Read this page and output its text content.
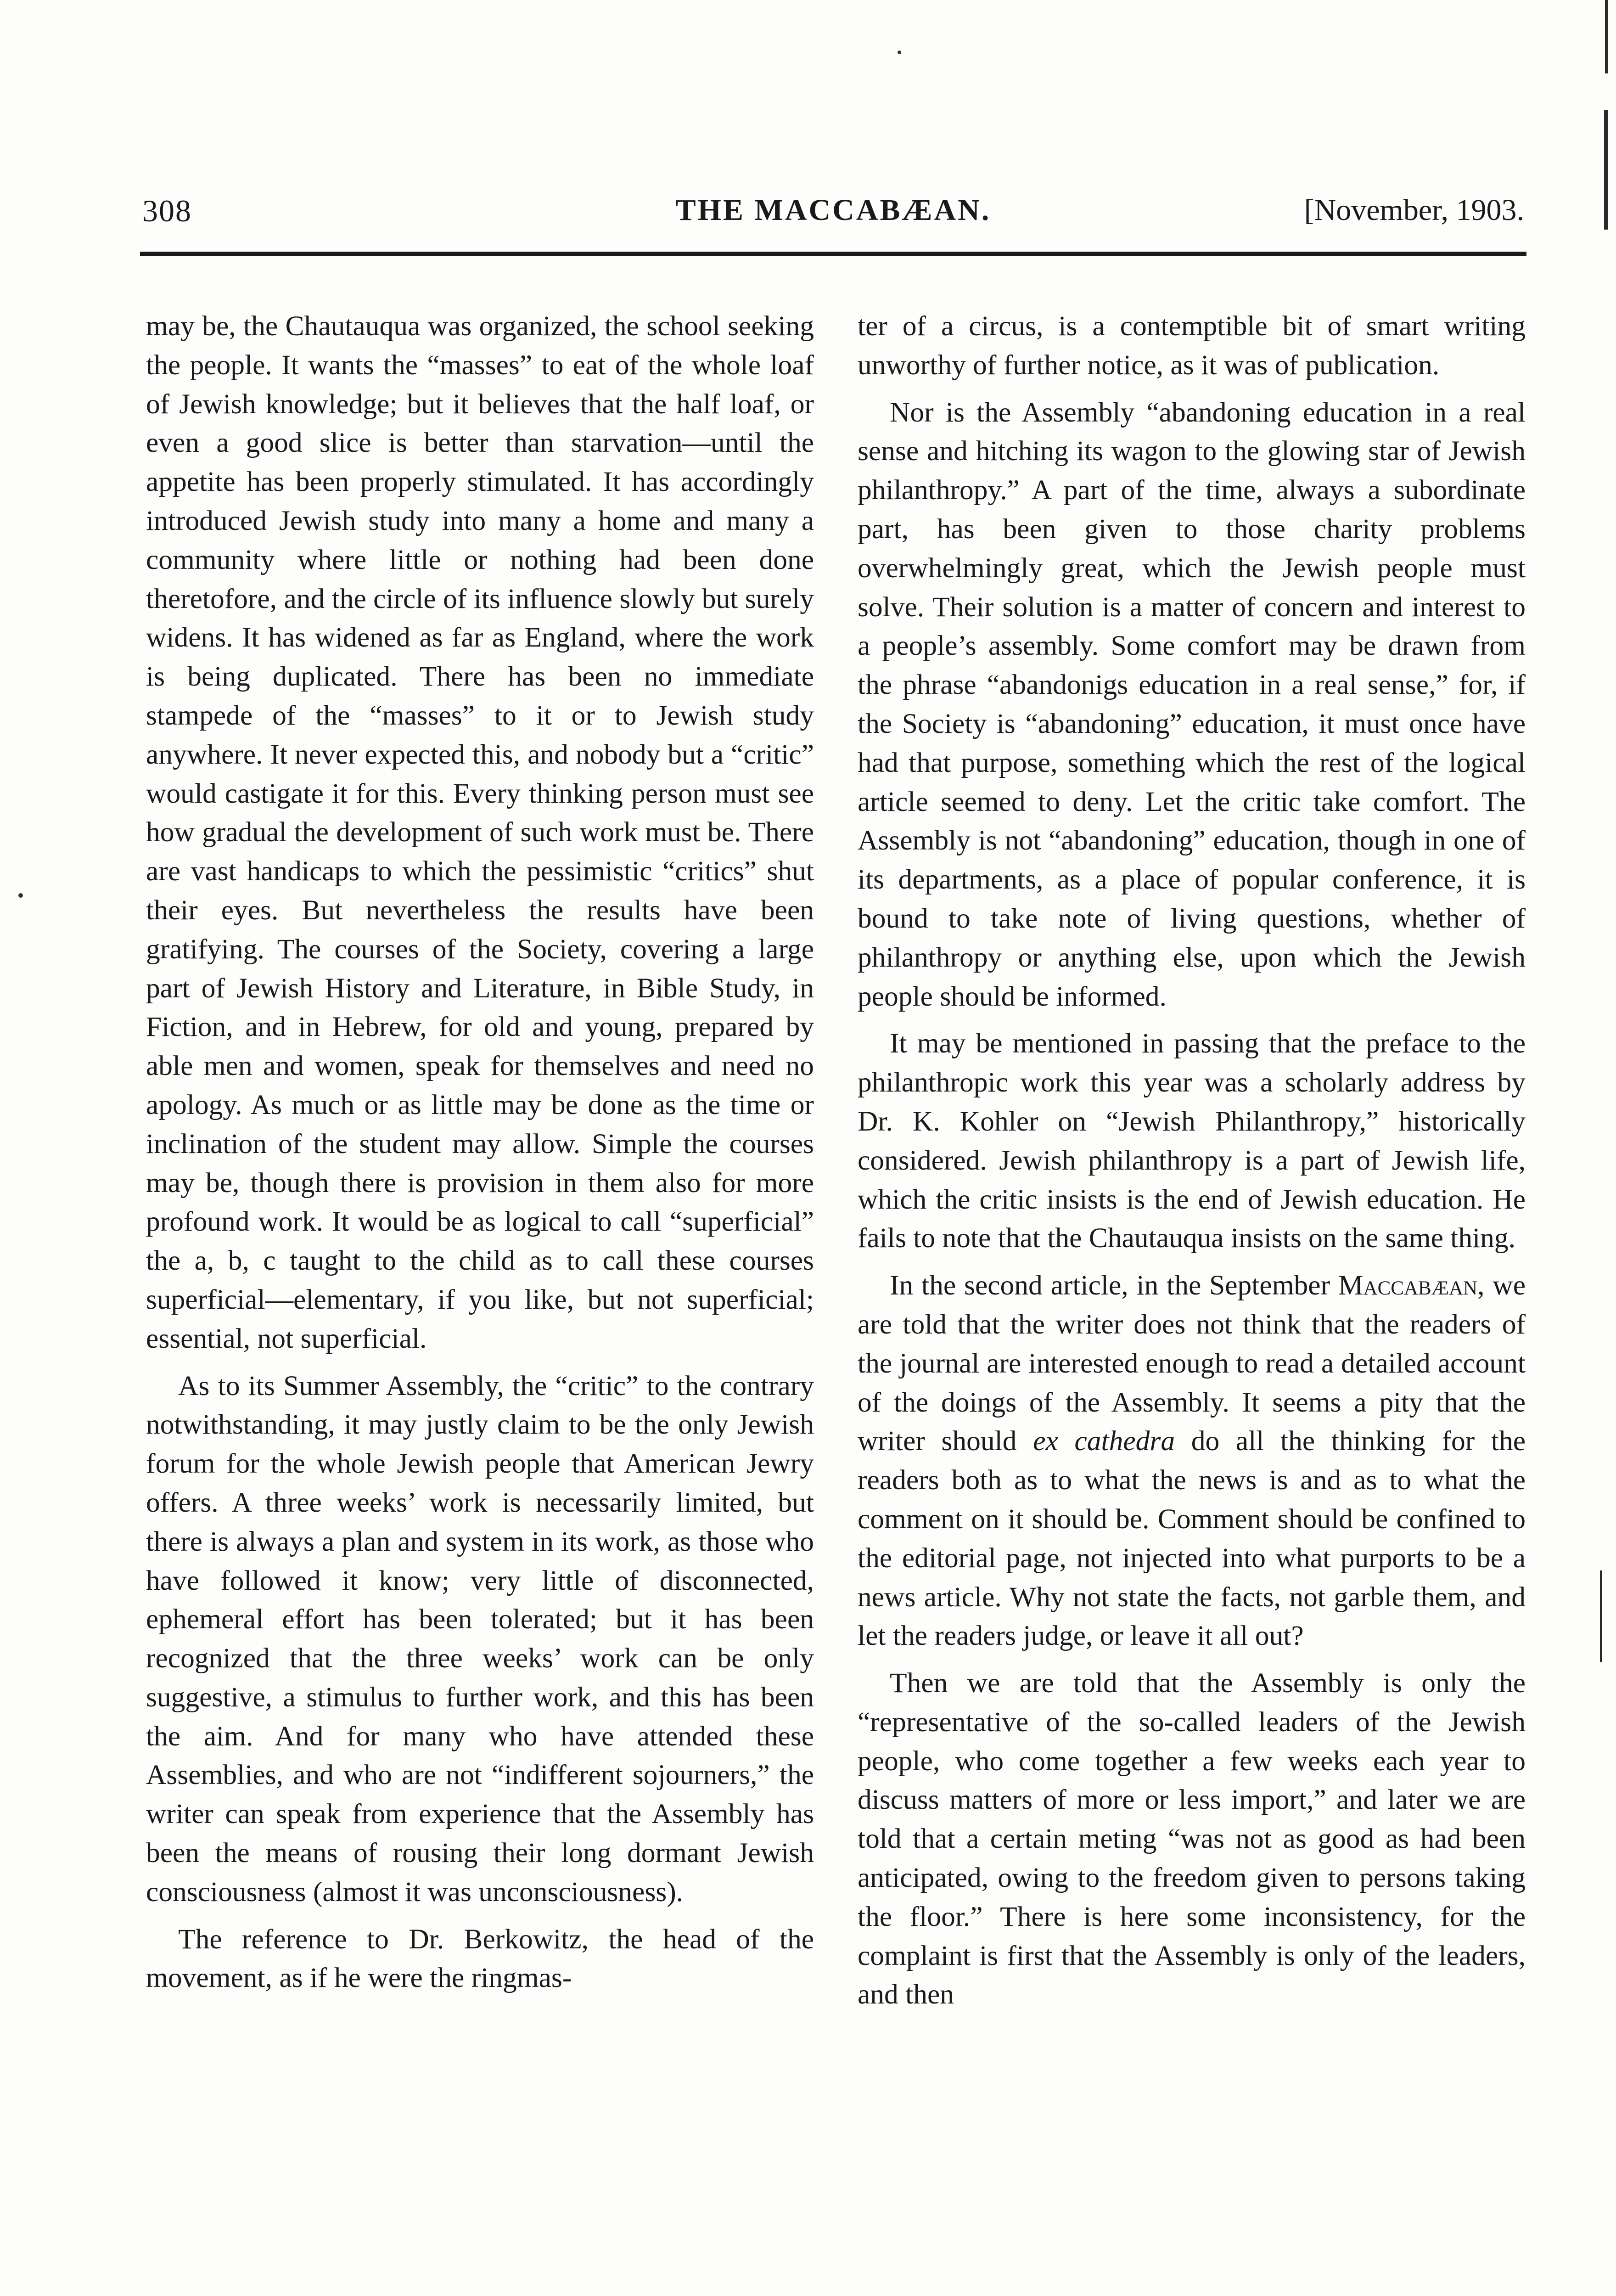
308	THE MACCABÆAN.	[November, 1903.

may be, the Chautauqua was organized, the school seeking the people. It wants the “masses” to eat of the whole loaf of Jewish knowledge; but it believes that the half loaf, or even a good slice is better than starvation—until the appetite has been properly stimulated. It has accordingly introduced Jewish study into many a home and many a community where little or nothing had been done theretofore, and the circle of its influence slowly but surely widens. It has widened as far as England, where the work is being duplicated. There has been no immediate stampede of the “masses” to it or to Jewish study anywhere. It never expected this, and nobody but a “critic” would castigate it for this. Every thinking person must see how gradual the development of such work must be. There are vast handicaps to which the pessimistic “critics” shut their eyes. But nevertheless the results have been gratifying. The courses of the Society, covering a large part of Jewish History and Literature, in Bible Study, in Fiction, and in Hebrew, for old and young, prepared by able men and women, speak for themselves and need no apology. As much or as little may be done as the time or inclination of the student may allow. Simple the courses may be, though there is provision in them also for more profound work. It would be as logical to call “superficial” the a, b, c taught to the child as to call these courses superficial—elementary, if you like, but not superficial; essential, not superficial.

As to its Summer Assembly, the “critic” to the contrary notwithstanding, it may justly claim to be the only Jewish forum for the whole Jewish people that American Jewry offers. A three weeks’ work is necessarily limited, but there is always a plan and system in its work, as those who have followed it know; very little of disconnected, ephemeral effort has been tolerated; but it has been recognized that the three weeks’ work can be only suggestive, a stimulus to further work, and this has been the aim. And for many who have attended these Assemblies, and who are not “indifferent sojourners,” the writer can speak from experience that the Assembly has been the means of rousing their long dormant Jewish consciousness (almost it was unconsciousness).

The reference to Dr. Berkowitz, the head of the movement, as if he were the ringmas-

ter of a circus, is a contemptible bit of smart writing unworthy of further notice, as it was of publication.

Nor is the Assembly “abandoning education in a real sense and hitching its wagon to the glowing star of Jewish philanthropy.” A part of the time, always a subordinate part, has been given to those charity problems overwhelmingly great, which the Jewish people must solve. Their solution is a matter of concern and interest to a people’s assembly. Some comfort may be drawn from the phrase “abandonigs education in a real sense,” for, if the Society is “abandoning” education, it must once have had that purpose, something which the rest of the logical article seemed to deny. Let the critic take comfort. The Assembly is not “abandoning” education, though in one of its departments, as a place of popular conference, it is bound to take note of living questions, whether of philanthropy or anything else, upon which the Jewish people should be informed.

It may be mentioned in passing that the preface to the philanthropic work this year was a scholarly address by Dr. K. Kohler on “Jewish Philanthropy,” historically considered. Jewish philanthropy is a part of Jewish life, which the critic insists is the end of Jewish education. He fails to note that the Chautauqua insists on the same thing.

In the second article, in the September Maccabæan, we are told that the writer does not think that the readers of the journal are interested enough to read a detailed account of the doings of the Assembly. It seems a pity that the writer should ex cathedra do all the thinking for the readers both as to what the news is and as to what the comment on it should be. Comment should be confined to the editorial page, not injected into what purports to be a news article. Why not state the facts, not garble them, and let the readers judge, or leave it all out?

Then we are told that the Assembly is only the “representative of the so-called leaders of the Jewish people, who come together a few weeks each year to discuss matters of more or less import,” and later we are told that a certain meting “was not as good as had been anticipated, owing to the freedom given to persons taking the floor.” There is here some inconsistency, for the complaint is first that the Assembly is only of the leaders, and then
